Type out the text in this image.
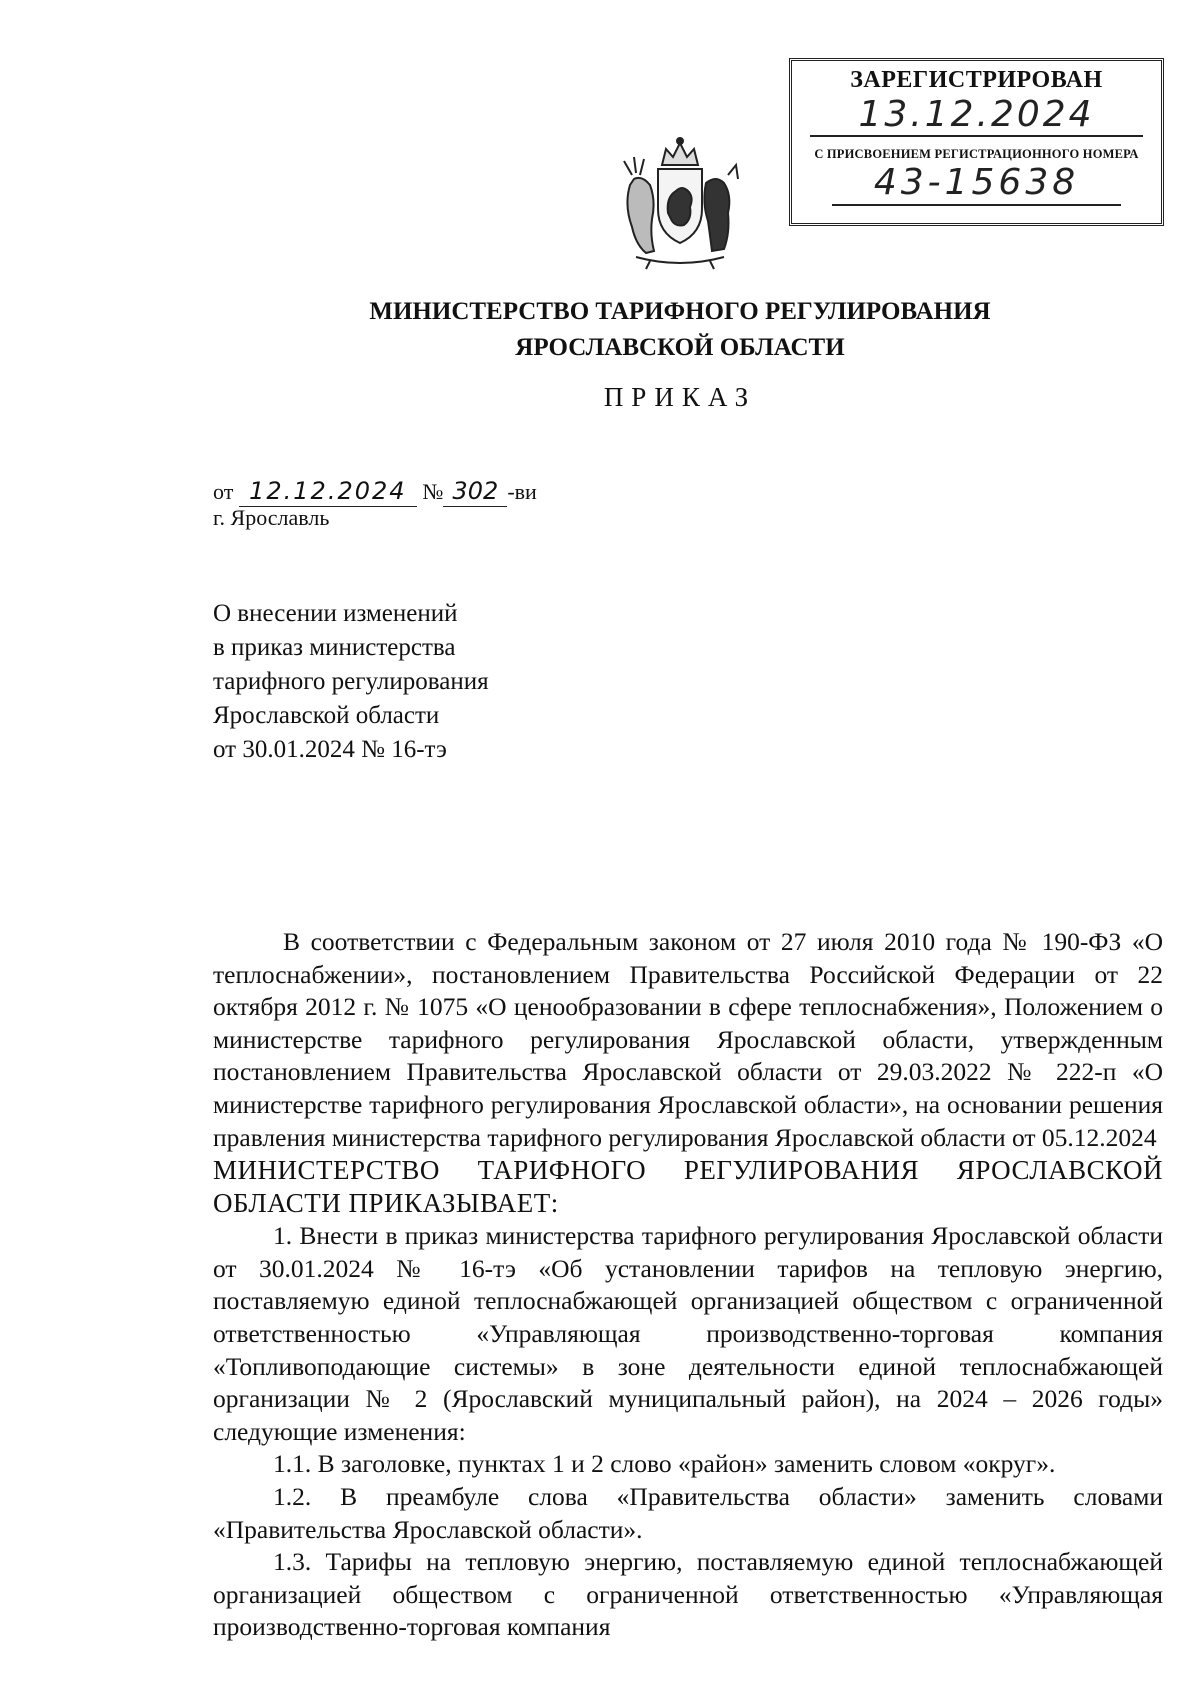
ЗАРЕГИСТРИРОВАН
13.12.2024
С ПРИСВОЕНИЕМ РЕГИСТРАЦИОННОГО НОМЕРА
43-15638
МИНИСТЕРСТВО ТАРИФНОГО РЕГУЛИРОВАНИЯ
ЯРОСЛАВСКОЙ ОБЛАСТИ
ПРИКАЗ
от 12.12.2024 № 302 -ви
г. Ярославль
О внесении изменений
в приказ министерства
тарифного регулирования
Ярославской области
от 30.01.2024 № 16-тэ

В соответствии с Федеральным законом от 27 июля 2010 года № 190-ФЗ «О теплоснабжении», постановлением Правительства Российской Федерации от 22 октября 2012 г. № 1075 «О ценообразовании в сфере теплоснабжения», Положением о министерстве тарифного регулирования Ярославской области, утвержденным постановлением Правительства Ярославской области от 29.03.2022 № 222-п «О министерстве тарифного регулирования Ярославской области», на основании решения правления министерства тарифного регулирования Ярославской области от 05.12.2024

МИНИСТЕРСТВО ТАРИФНОГО РЕГУЛИРОВАНИЯ ЯРОСЛАВСКОЙ ОБЛАСТИ ПРИКАЗЫВАЕТ:

1. Внести в приказ министерства тарифного регулирования Ярославской области от 30.01.2024 № 16-тэ «Об установлении тарифов на тепловую энергию, поставляемую единой теплоснабжающей организацией обществом с ограниченной ответственностью «Управляющая производственно-торговая компания «Топливоподающие системы» в зоне деятельности единой теплоснабжающей организации № 2 (Ярославский муниципальный район), на 2024 – 2026 годы» следующие изменения:

1.1. В заголовке, пунктах 1 и 2 слово «район» заменить словом «округ».

1.2. В преамбуле слова «Правительства области» заменить словами «Правительства Ярославской области».

1.3. Тарифы на тепловую энергию, поставляемую единой теплоснабжающей организацией обществом с ограниченной ответственностью «Управляющая производственно-торговая компания
